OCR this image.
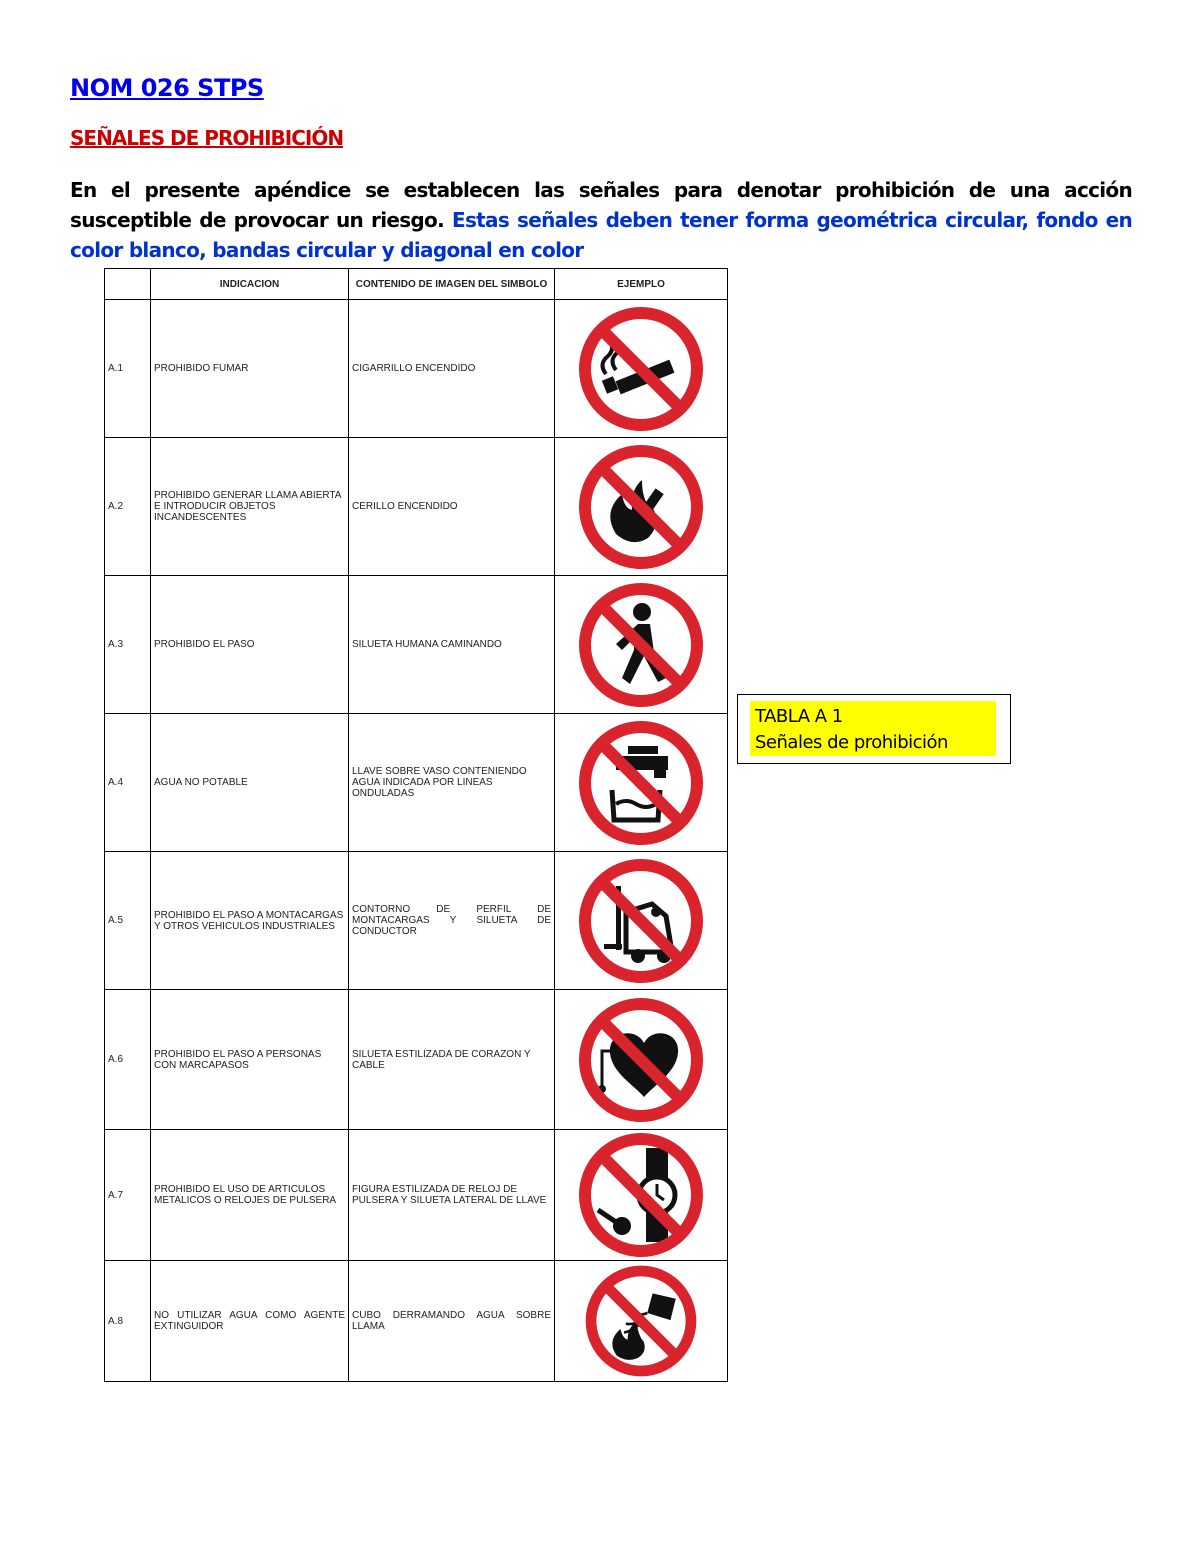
NOM 026 STPS
SEÑALES DE PROHIBICIÓN
En el presente apéndice se establecen las señales para denotar prohibición de una acción susceptible de provocar un riesgo. Estas señales deben tener forma geométrica circular, fondo en color blanco, bandas circular y diagonal en color
	INDICACION	CONTENIDO DE IMAGEN DEL SIMBOLO	EJEMPLO
A.1	PROHIBIDO FUMAR	CIGARRILLO ENCENDIDO	

A.2	PROHIBIDO GENERAR LLAMA ABIERTA E INTRODUCIR OBJETOS INCANDESCENTES	CERILLO ENCENDIDO	

A.3	PROHIBIDO EL PASO	SILUETA HUMANA CAMINANDO	

A.4	AGUA NO POTABLE	LLAVE SOBRE VASO CONTENIENDO AGUA INDICADA POR LINEAS ONDULADAS	

A.5	PROHIBIDO EL PASO A MONTACARGAS Y OTROS VEHICULOS INDUSTRIALES	CONTORNO DE PERFIL DE MONTACARGAS Y SILUETA DE CONDUCTOR	

A.6	PROHIBIDO EL PASO A PERSONAS CON MARCAPASOS	SILUETA ESTILIZADA DE CORAZON Y CABLE	

A.7	PROHIBIDO EL USO DE ARTICULOS METALICOS O RELOJES DE PULSERA	FIGURA ESTILIZADA DE RELOJ DE PULSERA Y SILUETA LATERAL DE LLAVE	

A.8	NO UTILIZAR AGUA COMO AGENTE EXTINGUIDOR	CUBO DERRAMANDO AGUA SOBRE LLAMA	
TABLA A 1
Señales de prohibición
